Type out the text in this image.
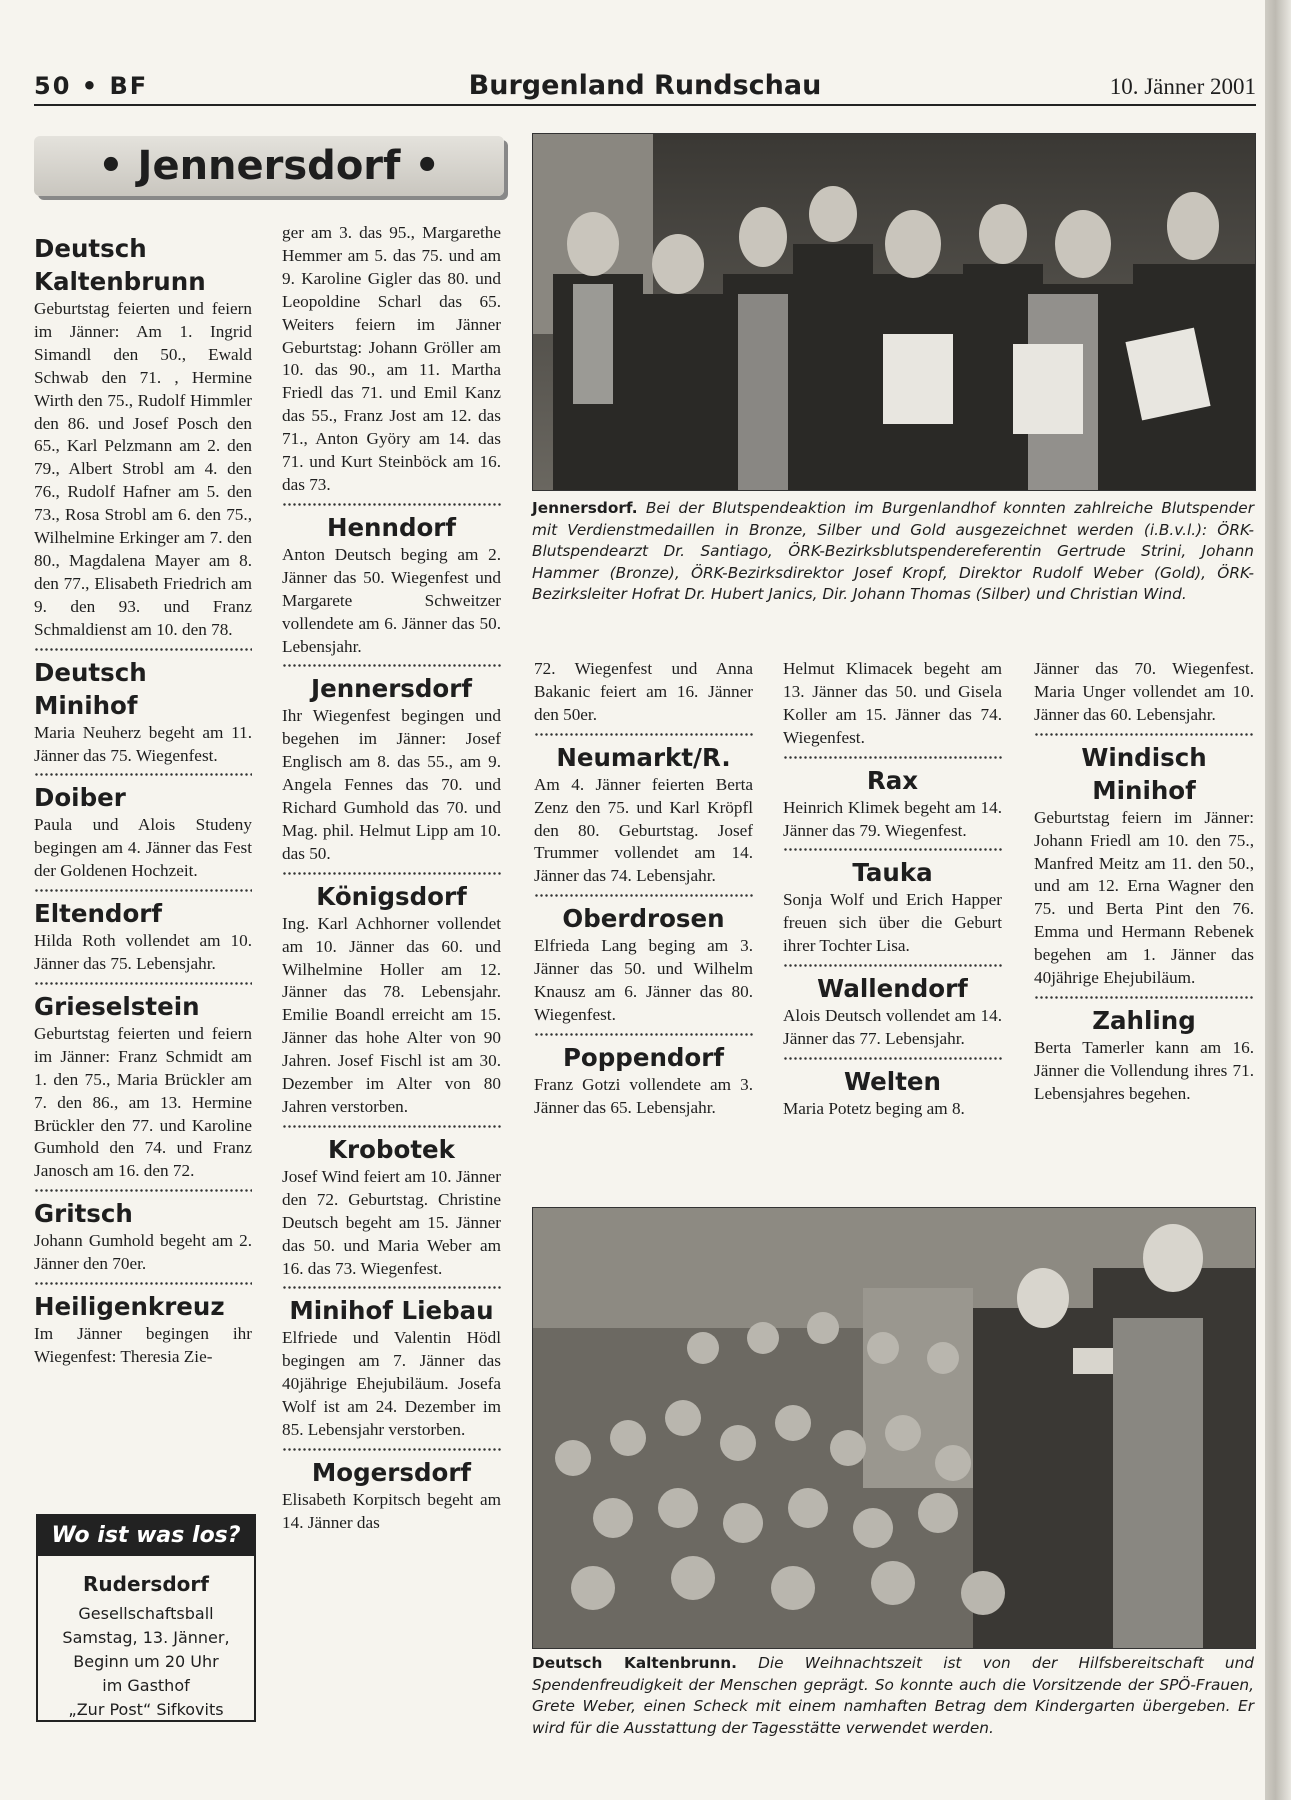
50 • BF	Burgenland Rundschau	10. Jänner 2001
• Jennersdorf •
Deutsch Kaltenbrunn
Geburtstag feierten und feiern im Jänner: Am 1. Ingrid Simandl den 50., Ewald Schwab den 71. , Hermine Wirth den 75., Rudolf Himmler den 86. und Josef Posch den 65., Karl Pelzmann am 2. den 79., Albert Strobl am 4. den 76., Rudolf Hafner am 5. den 73., Rosa Strobl am 6. den 75., Wilhelmine Erkinger am 7. den 80., Magdalena Mayer am 8. den 77., Elisabeth Friedrich am 9. den 93. und Franz Schmaldienst am 10. den 78.
Deutsch Minihof
Maria Neuherz begeht am 11. Jänner das 75. Wiegenfest.
Doiber
Paula und Alois Studeny begingen am 4. Jänner das Fest der Goldenen Hochzeit.
Eltendorf
Hilda Roth vollendet am 10. Jänner das 75. Lebensjahr.
Grieselstein
Geburtstag feierten und feiern im Jänner: Franz Schmidt am 1. den 75., Maria Brückler am 7. den 86., am 13. Hermine Brückler den 77. und Karoline Gumhold den 74. und Franz Janosch am 16. den 72.
Gritsch
Johann Gumhold begeht am 2. Jänner den 70er.
Heiligenkreuz
Im Jänner begingen ihr Wiegenfest: Theresia Zie-
ger am 3. das 95., Margarethe Hemmer am 5. das 75. und am 9. Karoline Gigler das 80. und Leopoldine Scharl das 65. Weiters feiern im Jänner Geburtstag: Johann Gröller am 10. das 90., am 11. Martha Friedl das 71. und Emil Kanz das 55., Franz Jost am 12. das 71., Anton Györy am 14. das 71. und Kurt Steinböck am 16. das 73.
Henndorf
Anton Deutsch beging am 2. Jänner das 50. Wiegenfest und Margarete Schweitzer vollendete am 6. Jänner das 50. Lebensjahr.
Jennersdorf
Ihr Wiegenfest begingen und begehen im Jänner: Josef Englisch am 8. das 55., am 9. Angela Fennes das 70. und Richard Gumhold das 70. und Mag. phil. Helmut Lipp am 10. das 50.
Königsdorf
Ing. Karl Achhorner vollendet am 10. Jänner das 60. und Wilhelmine Holler am 12. Jänner das 78. Lebensjahr. Emilie Boandl erreicht am 15. Jänner das hohe Alter von 90 Jahren. Josef Fischl ist am 30. Dezember im Alter von 80 Jahren verstorben.
Krobotek
Josef Wind feiert am 10. Jänner den 72. Geburtstag. Christine Deutsch begeht am 15. Jänner das 50. und Maria Weber am 16. das 73. Wiegenfest.
Minihof Liebau
Elfriede und Valentin Hödl begingen am 7. Jänner das 40jährige Ehejubiläum. Josefa Wolf ist am 24. Dezember im 85. Lebensjahr verstorben.
Mogersdorf
Elisabeth Korpitsch begeht am 14. Jänner das
72. Wiegenfest und Anna Bakanic feiert am 16. Jänner den 50er.
Neumarkt/R.
Am 4. Jänner feierten Berta Zenz den 75. und Karl Kröpfl den 80. Geburtstag. Josef Trummer vollendet am 14. Jänner das 74. Lebensjahr.
Oberdrosen
Elfrieda Lang beging am 3. Jänner das 50. und Wilhelm Knausz am 6. Jänner das 80. Wiegenfest.
Poppendorf
Franz Gotzi vollendete am 3. Jänner das 65. Lebensjahr.
Helmut Klimacek begeht am 13. Jänner das 50. und Gisela Koller am 15. Jänner das 74. Wiegenfest.
Rax
Heinrich Klimek begeht am 14. Jänner das 79. Wiegenfest.
Tauka
Sonja Wolf und Erich Happer freuen sich über die Geburt ihrer Tochter Lisa.
Wallendorf
Alois Deutsch vollendet am 14. Jänner das 77. Lebensjahr.
Welten
Maria Potetz beging am 8.
Jänner das 70. Wiegenfest. Maria Unger vollendet am 10. Jänner das 60. Lebensjahr.
Windisch Minihof
Geburtstag feiern im Jänner: Johann Friedl am 10. den 75., Manfred Meitz am 11. den 50., und am 12. Erna Wagner den 75. und Berta Pint den 76. Emma und Hermann Rebenek begehen am 1. Jänner das 40jährige Ehejubiläum.
Zahling
Berta Tamerler kann am 16. Jänner die Vollendung ihres 71. Lebensjahres begehen.
Jennersdorf. Bei der Blutspendeaktion im Burgenlandhof konnten zahlreiche Blutspender mit Verdienstmedaillen in Bronze, Silber und Gold ausgezeichnet werden (i.B.v.l.): ÖRK-Blutspendearzt Dr. Santiago, ÖRK-Bezirksblutspendereferentin Gertrude Strini, Johann Hammer (Bronze), ÖRK-Bezirksdirektor Josef Kropf, Direktor Rudolf Weber (Gold), ÖRK-Bezirksleiter Hofrat Dr. Hubert Janics, Dir. Johann Thomas (Silber) und Christian Wind.
Deutsch Kaltenbrunn. Die Weihnachtszeit ist von der Hilfsbereitschaft und Spendenfreudigkeit der Menschen geprägt. So konnte auch die Vorsitzende der SPÖ-Frauen, Grete Weber, einen Scheck mit einem namhaften Betrag dem Kindergarten übergeben. Er wird für die Ausstattung der Tagesstätte verwendet werden.
Wo ist was los?
Rudersdorf
Gesellschaftsball
Samstag, 13. Jänner,
Beginn um 20 Uhr
im Gasthof
„Zur Post“ Sifkovits
